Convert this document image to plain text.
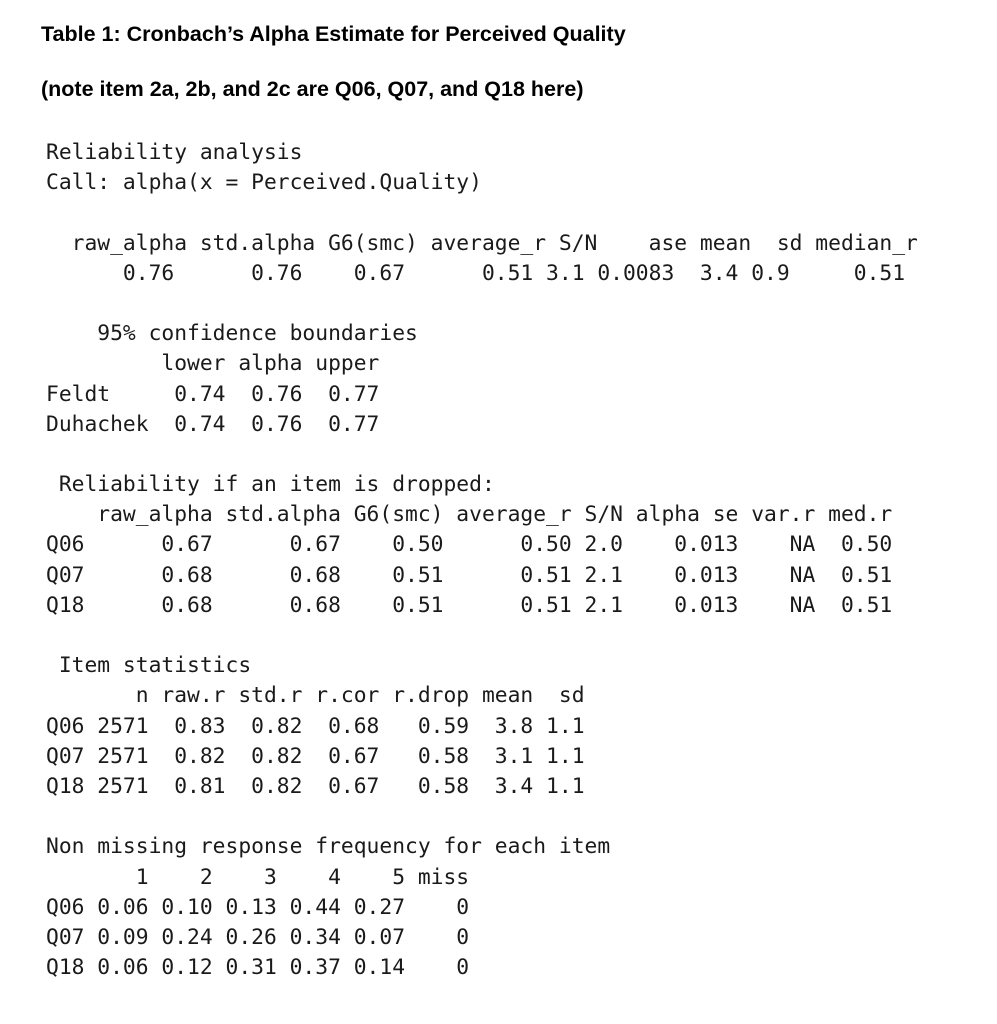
Table 1: Cronbach’s Alpha Estimate for Perceived Quality

(note item 2a, 2b, and 2c are Q06, Q07, and Q18 here)

Reliability analysis
Call: alpha(x = Perceived.Quality)
raw_alpha std.alpha G6(smc) average_r S/N    ase mean  sd median_r
0.76      0.76    0.67      0.51 3.1 0.0083  3.4 0.9     0.51
95% confidence boundaries
lower alpha upper
Feldt     0.74  0.76  0.77
Duhachek  0.74  0.76  0.77
Reliability if an item is dropped:
raw_alpha std.alpha G6(smc) average_r S/N alpha se var.r med.r
Q06      0.67      0.67    0.50      0.50 2.0    0.013    NA  0.50
Q07      0.68      0.68    0.51      0.51 2.1    0.013    NA  0.51
Q18      0.68      0.68    0.51      0.51 2.1    0.013    NA  0.51
Item statistics
n raw.r std.r r.cor r.drop mean  sd
Q06 2571  0.83  0.82  0.68   0.59  3.8 1.1
Q07 2571  0.82  0.82  0.67   0.58  3.1 1.1
Q18 2571  0.81  0.82  0.67   0.58  3.4 1.1
Non missing response frequency for each item
1    2    3    4    5 miss
Q06 0.06 0.10 0.13 0.44 0.27    0
Q07 0.09 0.24 0.26 0.34 0.07    0
Q18 0.06 0.12 0.31 0.37 0.14    0
